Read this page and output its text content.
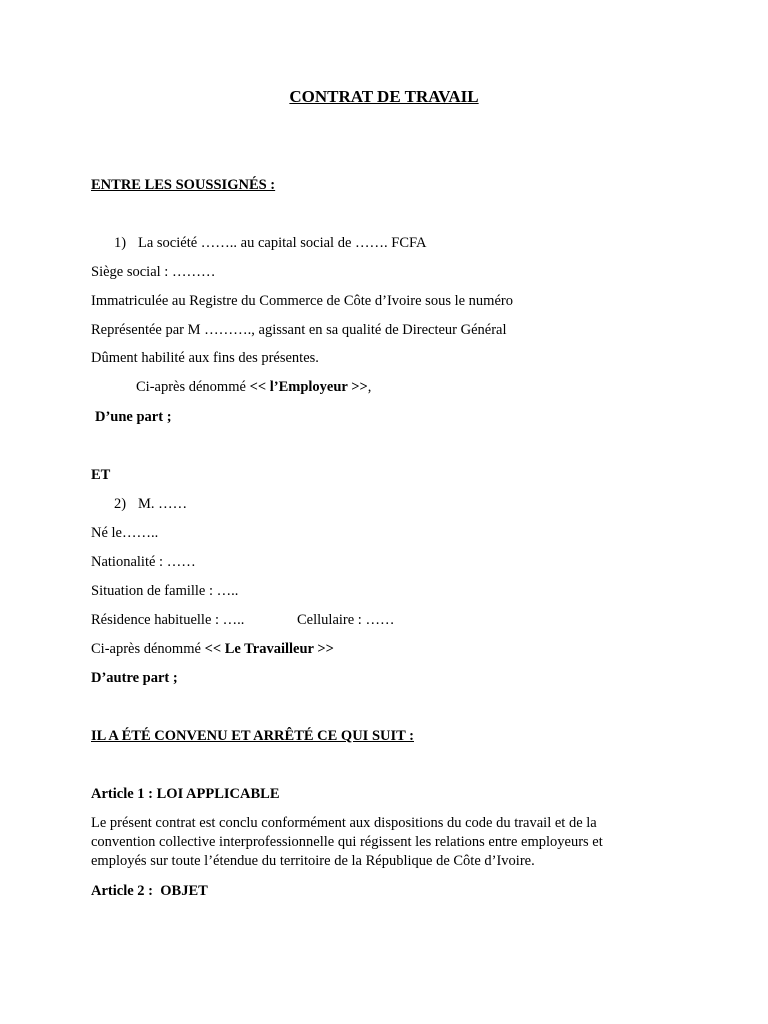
CONTRAT DE TRAVAIL
ENTRE LES SOUSSIGNÉS :
1) La société …….. au capital social de ……. FCFA
Siège social : ………
Immatriculée au Registre du Commerce de Côte d’Ivoire sous le numéro
Représentée par M ………., agissant en sa qualité de Directeur Général
Dûment habilité aux fins des présentes.
Ci-après dénommé << l’Employeur >>,
D’une part ;
ET
2) M. ……
Né le……..
Nationalité : ……
Situation de famille : …..
Résidence habituelle : …..	Cellulaire : ……
Ci-après dénommé << Le Travailleur >>
D’autre part ;
IL A ÉTÉ CONVENU ET ARRÊTÉ CE QUI SUIT :
Article 1 : LOI APPLICABLE
Le présent contrat est conclu conformément aux dispositions du code du travail et de la
convention collective interprofessionnelle qui régissent les relations entre employeurs et
employés sur toute l’étendue du territoire de la République de Côte d’Ivoire.
Article 2 :  OBJET
